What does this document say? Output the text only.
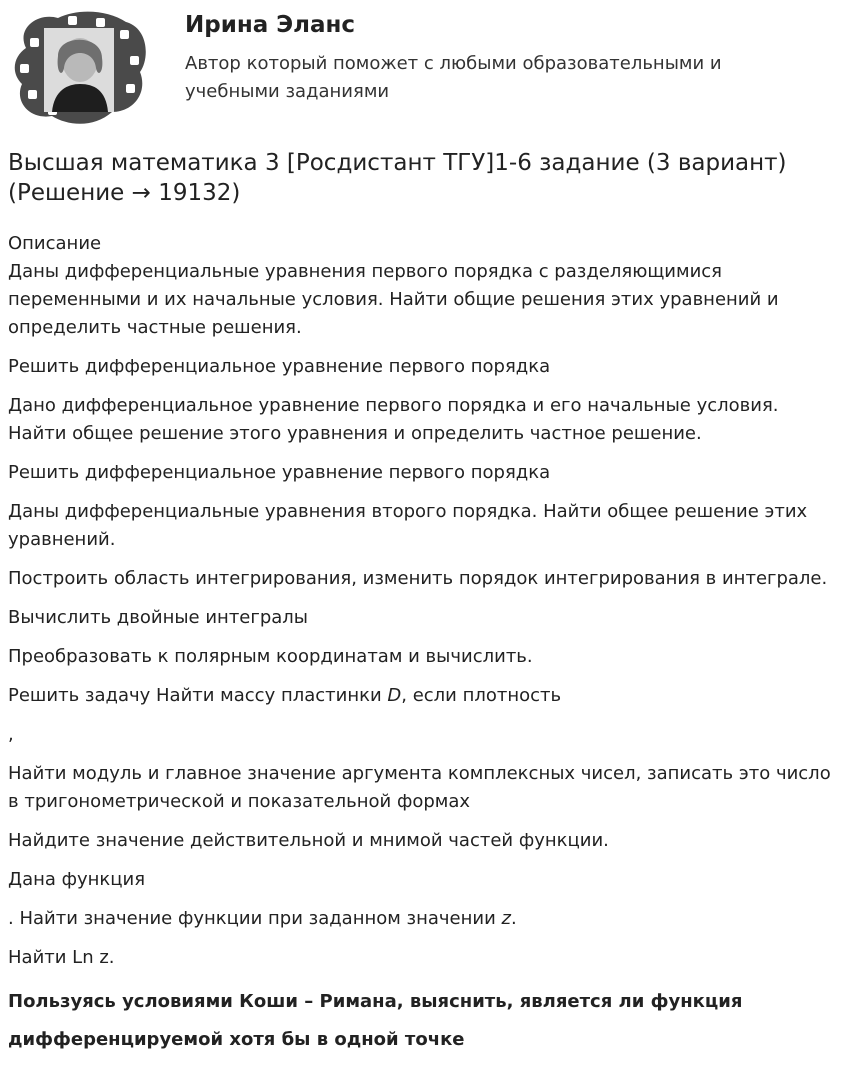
Ирина Эланс
Автор который поможет с любыми образовательными и учебными заданиями
Высшая математика 3 [Росдистант ТГУ]1-6 задание (3 вариант) (Решение → 19132)

Описание

Даны дифференциальные уравнения первого порядка с разделяющимися переменными и их начальные условия. Найти общие решения этих уравнений и определить частные решения.

Решить дифференциальное уравнение первого порядка

Дано дифференциальное уравнение первого порядка и его начальные условия. Найти общее решение этого уравнения и определить частное решение.

Решить дифференциальное уравнение первого порядка

Даны дифференциальные уравнения второго порядка. Найти общее решение этих уравнений.

Построить область интегрирования, изменить порядок интегрирования в интеграле.

Вычислить двойные интегралы

Преобразовать к полярным координатам и вычислить.

Решить задачу Найти массу пластинки D, если плотность

,

Найти модуль и главное значение аргумента комплексных чисел, записать это число в тригонометрической и показательной формах

Найдите значение действительной и мнимой частей функции.

Дана функция

. Найти значение функции при заданном значении z.

Найти Ln z.

Пользуясь условиями Коши – Римана, выяснить, является ли функция

дифференцируемой хотя бы в одной точке
